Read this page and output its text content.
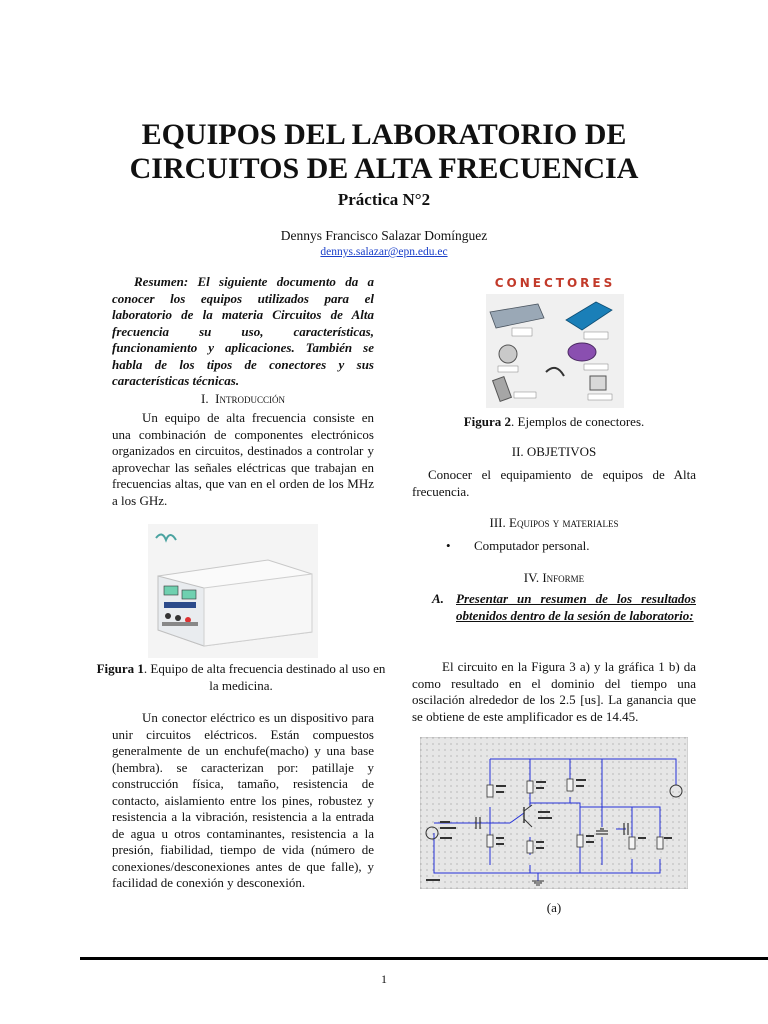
EQUIPOS DEL LABORATORIO DE
CIRCUITOS DE ALTA FRECUENCIA
Práctica N°2
Dennys Francisco Salazar Domínguez
dennys.salazar@epn.edu.ec
Resumen: El siguiente documento da a conocer los equipos utilizados para el laboratorio de la materia Circuitos de Alta frecuencia su uso, características, funcionamiento y aplicaciones. También se habla de los tipos de conectores y sus características técnicas.
I. Introducción
Un equipo de alta frecuencia consiste en una combinación de componentes electrónicos organizados en circuitos, destinados a controlar y aprovechar las señales eléctricas que trabajan en frecuencias altas, que van en el orden de los MHz a los GHz.
Figura 1. Equipo de alta frecuencia destinado al uso en la medicina.
Un conector eléctrico es un dispositivo para unir circuitos eléctricos. Están compuestos generalmente de un enchufe(macho) y una base (hembra). se caracterizan por: patillaje y construcción física, tamaño, resistencia de contacto, aislamiento entre los pines, robustez y resistencia a la vibración, resistencia a la entrada de agua u otros contaminantes, resistencia a la presión, fiabilidad, tiempo de vida (número de conexiones/desconexiones antes de que falle), y facilidad de conexión y desconexión.
CONECTORES
Figura 2. Ejemplos de conectores.
II. OBJETIVOS
Conocer el equipamiento de equipos de Alta frecuencia.
III. Equipos y materiales
• Computador personal.
IV. Informe
A. Presentar un resumen de los resultados obtenidos dentro de la sesión de laboratorio:
El circuito en la Figura 3 a) y la gráfica 1 b) da como resultado en el dominio del tiempo una oscilación alrededor de los 2.5 [us]. La ganancia que se obtiene de este amplificador es de 14.45.
(a)
1
